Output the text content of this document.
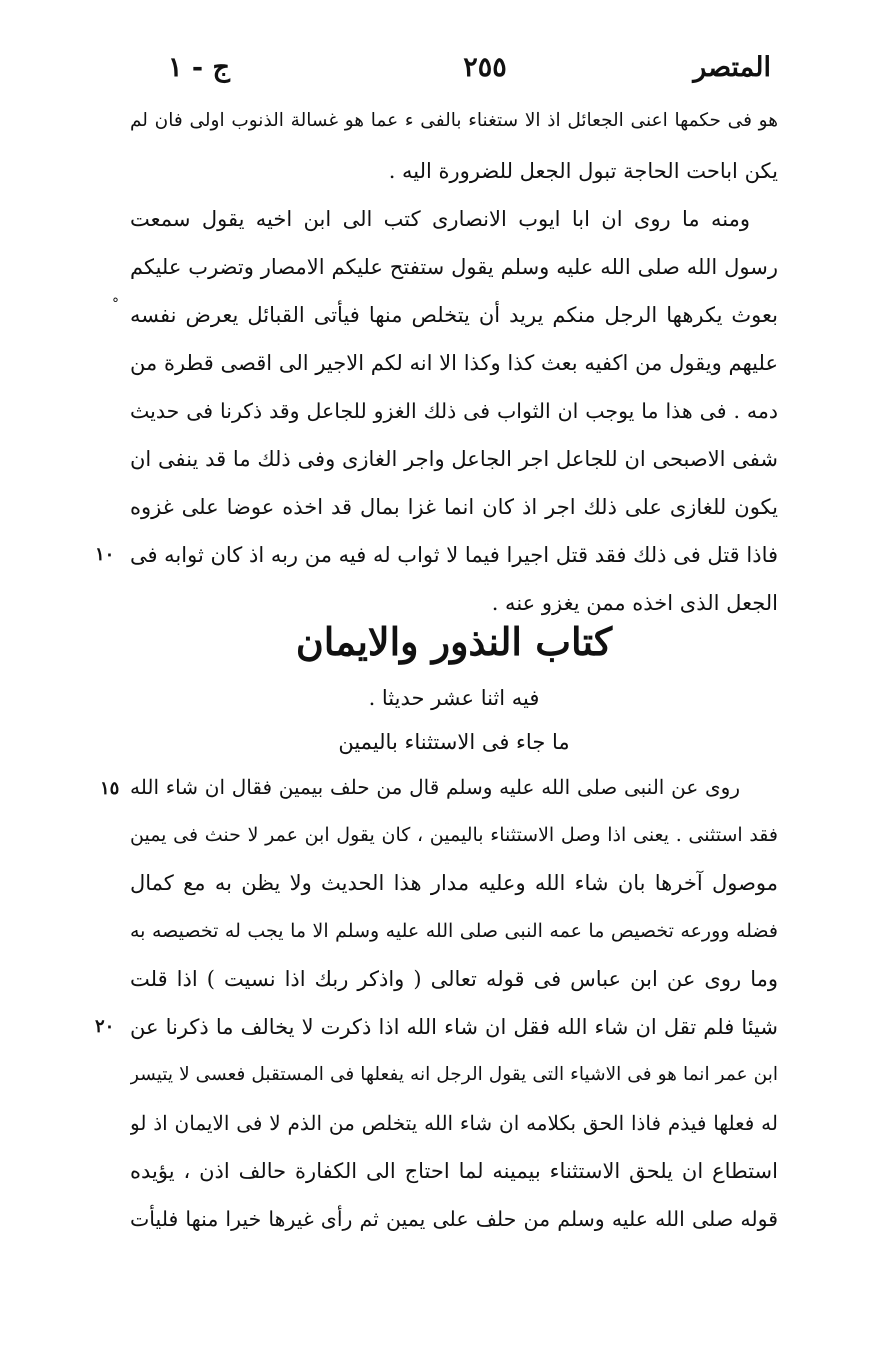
المتصر
٢٥٥
ج - ١
هو فى حكمها اعنى الجعائل اذ الا ستغناء بالفى ء عما هو غسالة الذنوب اولى فان لم
يكن اباحت الحاجة تبول الجعل للضرورة اليه .
ومنه ما روى ان ابا ايوب الانصارى كتب الى ابن اخيه يقول سمعت
رسول الله صلى الله عليه وسلم يقول ستفتح عليكم الامصار وتضرب عليكم
بعوث يكرهها الرجل منكم يريد أن يتخلص منها فيأتى القبائل يعرض نفسه
عليهم ويقول من اكفيه بعث كذا وكذا الا انه لكم الاجير الى اقصى قطرة من
دمه . فى هذا ما يوجب ان الثواب فى ذلك الغزو للجاعل وقد ذكرنا فى حديث
شفى الاصبحى ان للجاعل اجر الجاعل واجر الغازى وفى ذلك ما قد ينفى ان
يكون للغازى على ذلك اجر اذ كان انما غزا بمال قد اخذه عوضا على غزوه
فاذا قتل فى ذلك فقد قتل اجيرا فيما لا ثواب له فيه من ربه اذ كان ثوابه فى
الجعل الذى اخذه ممن يغزو عنه .
°
١٠
كتاب النذور والايمان
فيه اثنا عشر حديثا .
ما جاء فى الاستثناء باليمين
روى عن النبى صلى الله عليه وسلم قال من حلف بيمين فقال ان شاء الله
فقد استثنى . يعنى اذا وصل الاستثناء باليمين ، كان يقول ابن عمر لا حنث فى يمين
موصول آخرها بان شاء الله وعليه مدار هذا الحديث ولا يظن به مع كمال
فضله وورعه تخصيص ما عمه النبى صلى الله عليه وسلم الا ما يجب له تخصيصه به
وما روى عن ابن عباس فى قوله تعالى ( واذكر ربك اذا نسيت ) اذا قلت
شيئا فلم تقل ان شاء الله فقل ان شاء الله اذا ذكرت لا يخالف ما ذكرنا عن
ابن عمر انما هو فى الاشياء التى يقول الرجل انه يفعلها فى المستقبل فعسى لا يتيسر
له فعلها فيذم فاذا الحق بكلامه ان شاء الله يتخلص من الذم لا فى الايمان اذ لو
استطاع ان يلحق الاستثناء بيمينه لما احتاج الى الكفارة حالف اذن ، يؤيده
قوله صلى الله عليه وسلم من حلف على يمين ثم رأى غيرها خيرا منها فليأت
١٥
٢٠
